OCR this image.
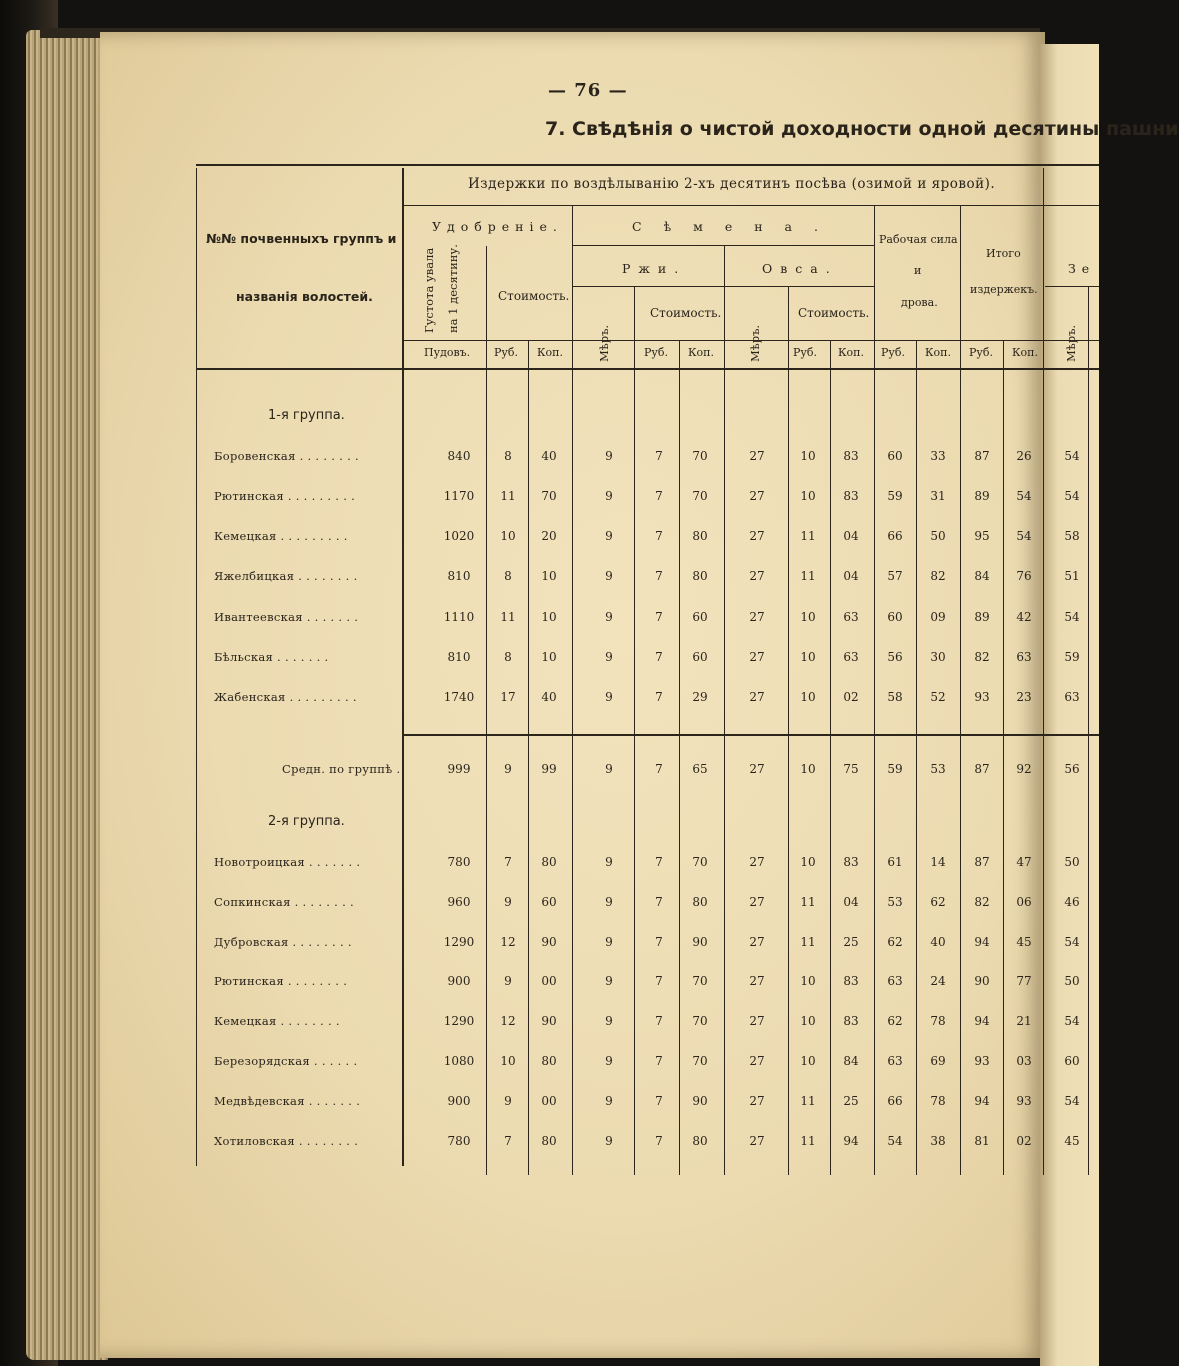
— 76 —
7. Свѣдѣнія о чистой доходности одной десятины пашни
№№ почвенныхъ группъ и
названія волостей.
Издержки по воздѣлыванію 2-хъ десятинъ посѣва (озимой и яровой).
Удобреніе.
Густота увала на 1 десятину.	Стоимость.
Сѣмена.
Ржи.	Овса.
Мѣръ.
Стоимость.
Мѣръ.
Стоимость.
Рабочая сила
и
дрова.
Итого
издержекъ.
Зе
Мѣръ.
Пудовъ. Руб. Коп.	Руб. Коп.	Руб. Коп. Руб. Коп. Руб. Коп.
1-я группа.
2-я группа.
Боровенская . . . . . . . .	840	8	40	9	7	70	27	10	83	60	33	87	26	54
Рютинская . . . . . . . . .	1170	11	70	9	7	70	27	10	83	59	31	89	54	54
Кемецкая . . . . . . . . .	1020	10	20	9	7	80	27	11	04	66	50	95	54	58
Яжелбицкая . . . . . . . .	810	8	10	9	7	80	27	11	04	57	82	84	76	51
Ивантеевская . . . . . . .	1110	11	10	9	7	60	27	10	63	60	09	89	42	54
Бѣльская . . . . . . .	810	8	10	9	7	60	27	10	63	56	30	82	63	59
Жабенская . . . . . . . . .	1740	17	40	9	7	29	27	10	02	58	52	93	23	63
Средн. по группѣ .	999	9	99	9	7	65	27	10	75	59	53	87	92	56
Новотроицкая . . . . . . .	780	7	80	9	7	70	27	10	83	61	14	87	47	50
Сопкинская . . . . . . . .	960	9	60	9	7	80	27	11	04	53	62	82	06	46
Дубровская . . . . . . . .	1290	12	90	9	7	90	27	11	25	62	40	94	45	54
Рютинская . . . . . . . .	900	9	00	9	7	70	27	10	83	63	24	90	77	50
Кемецкая . . . . . . . .	1290	12	90	9	7	70	27	10	83	62	78	94	21	54
Березорядская . . . . . .	1080	10	80	9	7	70	27	10	84	63	69	93	03	60
Медвѣдевская . . . . . . .	900	9	00	9	7	90	27	11	25	66	78	94	93	54
Хотиловская . . . . . . . .	780	7	80	9	7	80	27	11	94	54	38	81	02	45
